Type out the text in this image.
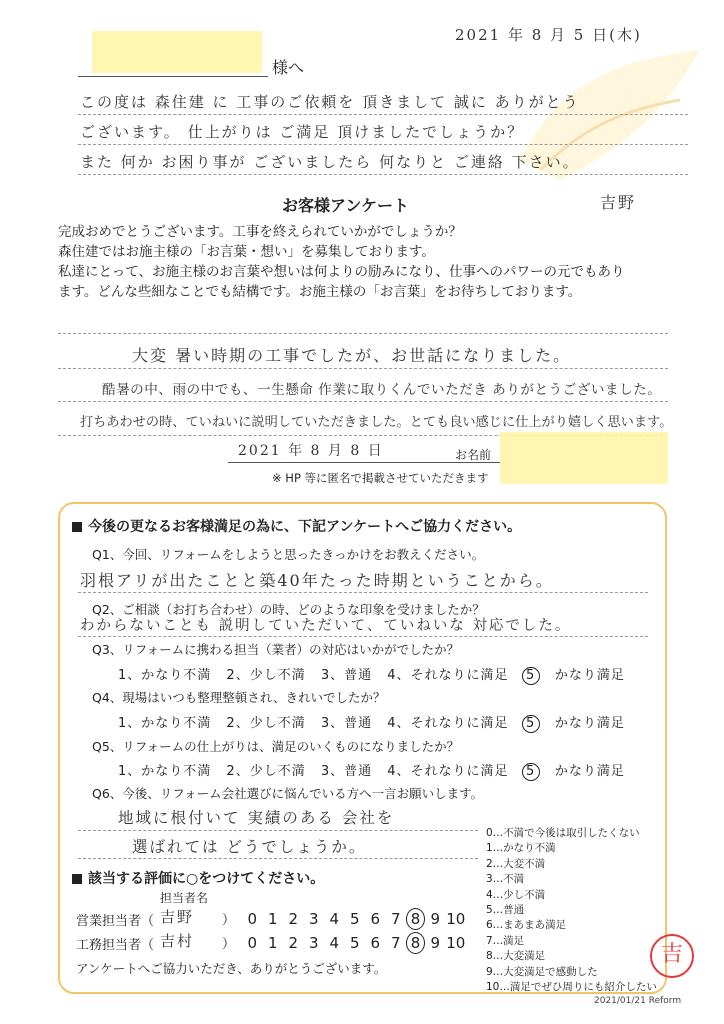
2021 年 8 月 5 日(木)
様へ
この度は 森住建 に 工事のご依頼を 頂きまして 誠に ありがとう
ございます。 仕上がりは ご満足 頂けましたでしょうか？
また 何か お困り事が ございましたら 何なりと ご連絡 下さい。
吉野
お客様アンケート
完成おめでとうございます。工事を終えられていかがでしょうか？
森住建ではお施主様の「お言葉・想い」を募集しております。
私達にとって、お施主様のお言葉や想いは何よりの励みになり、仕事へのパワーの元でもあり
ます。どんな些細なことでも結構です。お施主様の「お言葉」をお待ちしております。
大変 暑い時期の工事でしたが、お世話になりました。
酷暑の中、雨の中でも、一生懸命 作業に取りくんでいただき ありがとうございました。
打ちあわせの時、ていねいに説明していただきました。とても良い感じに仕上がり嬉しく思います。
2021 年 8 月 8 日	お名前
※ HP 等に匿名で掲載させていただきます
今後の更なるお客様満足の為に、下記アンケートへご協力ください。
Q1、今回、リフォームをしようと思ったきっかけをお教えください。
羽根アリが出たことと築40年たった時期ということから。
Q2、ご相談（お打ち合わせ）の時、どのような印象を受けましたか？
わからないことも 説明していただいて、ていねいな 対応でした。
Q3、リフォームに携わる担当（業者）の対応はいかがでしたか？
1、かなり不満 2、少し不満 3、普通 4、それなりに満足 5 かなり満足
Q4、現場はいつも整理整頓され、きれいでしたか？
1、かなり不満 2、少し不満 3、普通 4、それなりに満足 5 かなり満足
Q5、リフォームの仕上がりは、満足のいくものになりましたか？
1、かなり不満 2、少し不満 3、普通 4、それなりに満足 5 かなり満足
Q6、今後、リフォーム会社選びに悩んでいる方へ一言お願いします。
地域に根付いて 実績のある 会社を
選ばれては どうでしょうか。
0…不満で今後は取引したくない
1…かなり不満
2…大変不満
3…不満
4…少し不満
5…普通
6…まあまあ満足
7…満足
8…大変満足
9…大変満足で感動した
10…満足でぜひ周りにも紹介したい
該当する評価に○をつけてください。
担当者名
営業担当者（ 吉野 ） 0 1 2 3 4 5 6 7 8 9 10
工務担当者（ 吉村 ） 0 1 2 3 4 5 6 7 8 9 10
アンケートへご協力いただき、ありがとうございます。
吉
2021/01/21 Reform
